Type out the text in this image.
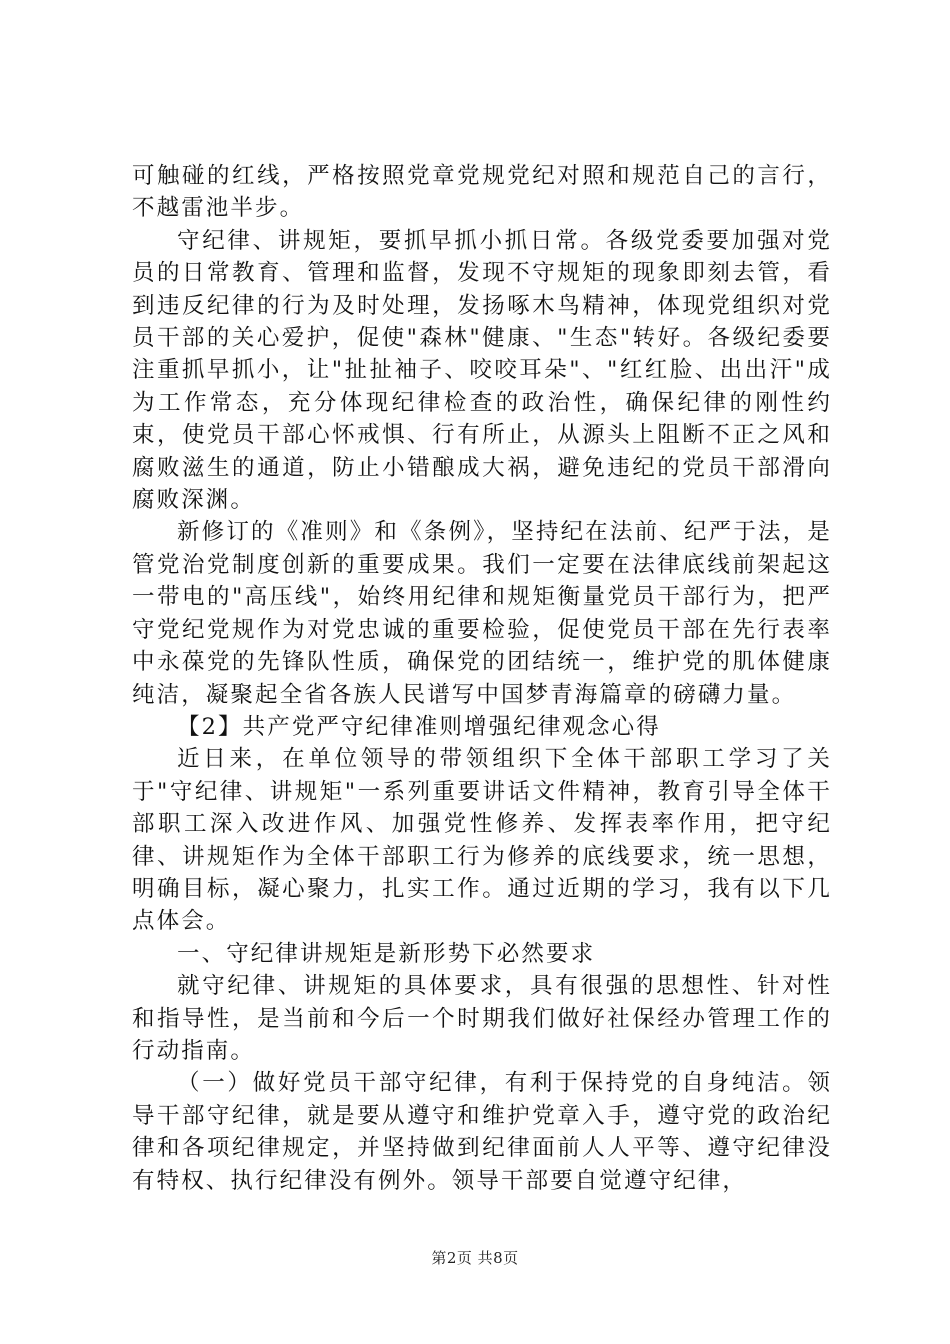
可触碰的红线，严格按照党章党规党纪对照和规范自己的言行，不越雷池半步。

守纪律、讲规矩，要抓早抓小抓日常。各级党委要加强对党员的日常教育、管理和监督，发现不守规矩的现象即刻去管，看到违反纪律的行为及时处理，发扬啄木鸟精神，体现党组织对党员干部的关心爱护，促使"森林"健康、"生态"转好。各级纪委要注重抓早抓小，让"扯扯袖子、咬咬耳朵"、"红红脸、出出汗"成为工作常态，充分体现纪律检查的政治性，确保纪律的刚性约束，使党员干部心怀戒惧、行有所止，从源头上阻断不正之风和腐败滋生的通道，防止小错酿成大祸，避免违纪的党员干部滑向腐败深渊。

新修订的《准则》和《条例》，坚持纪在法前、纪严于法，是管党治党制度创新的重要成果。我们一定要在法律底线前架起这一带电的"高压线"，始终用纪律和规矩衡量党员干部行为，把严守党纪党规作为对党忠诚的重要检验，促使党员干部在先行表率中永葆党的先锋队性质，确保党的团结统一，维护党的肌体健康纯洁，凝聚起全省各族人民谱写中国梦青海篇章的磅礴力量。

【2】共产党严守纪律准则增强纪律观念心得

近日来，在单位领导的带领组织下全体干部职工学习了关于"守纪律、讲规矩"一系列重要讲话文件精神，教育引导全体干部职工深入改进作风、加强党性修养、发挥表率作用，把守纪律、讲规矩作为全体干部职工行为修养的底线要求，统一思想，明确目标，凝心聚力，扎实工作。通过近期的学习，我有以下几点体会。

一、守纪律讲规矩是新形势下必然要求

就守纪律、讲规矩的具体要求，具有很强的思想性、针对性和指导性，是当前和今后一个时期我们做好社保经办管理工作的行动指南。

（一）做好党员干部守纪律，有利于保持党的自身纯洁。领导干部守纪律，就是要从遵守和维护党章入手，遵守党的政治纪律和各项纪律规定，并坚持做到纪律面前人人平等、遵守纪律没有特权、执行纪律没有例外。领导干部要自觉遵守纪律，

第2页 共8页
